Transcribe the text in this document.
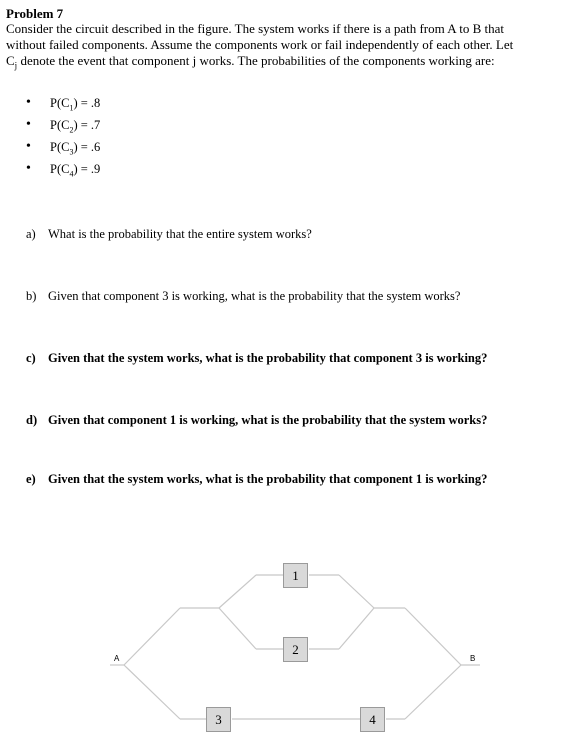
Problem 7
Consider the circuit described in the figure. The system works if there is a path from A to B that
without failed components. Assume the components work or fail independently of each other. Let
$C_j$ denote the event that component j works. The probabilities of the components working are:
• $P(C_1) = .8$
• $P(C_2) = .7$
• $P(C_3) = .6$
• $P(C_4) = .9$
a) What is the probability that the entire system works?
b) Given that component 3 is working, what is the probability that the system works?
c) Given that the system works, what is the probability that component 3 is working?
d) Given that component 1 is working, what is the probability that the system works?
e) Given that the system works, what is the probability that component 1 is working?
A	B
1
2
3	4
